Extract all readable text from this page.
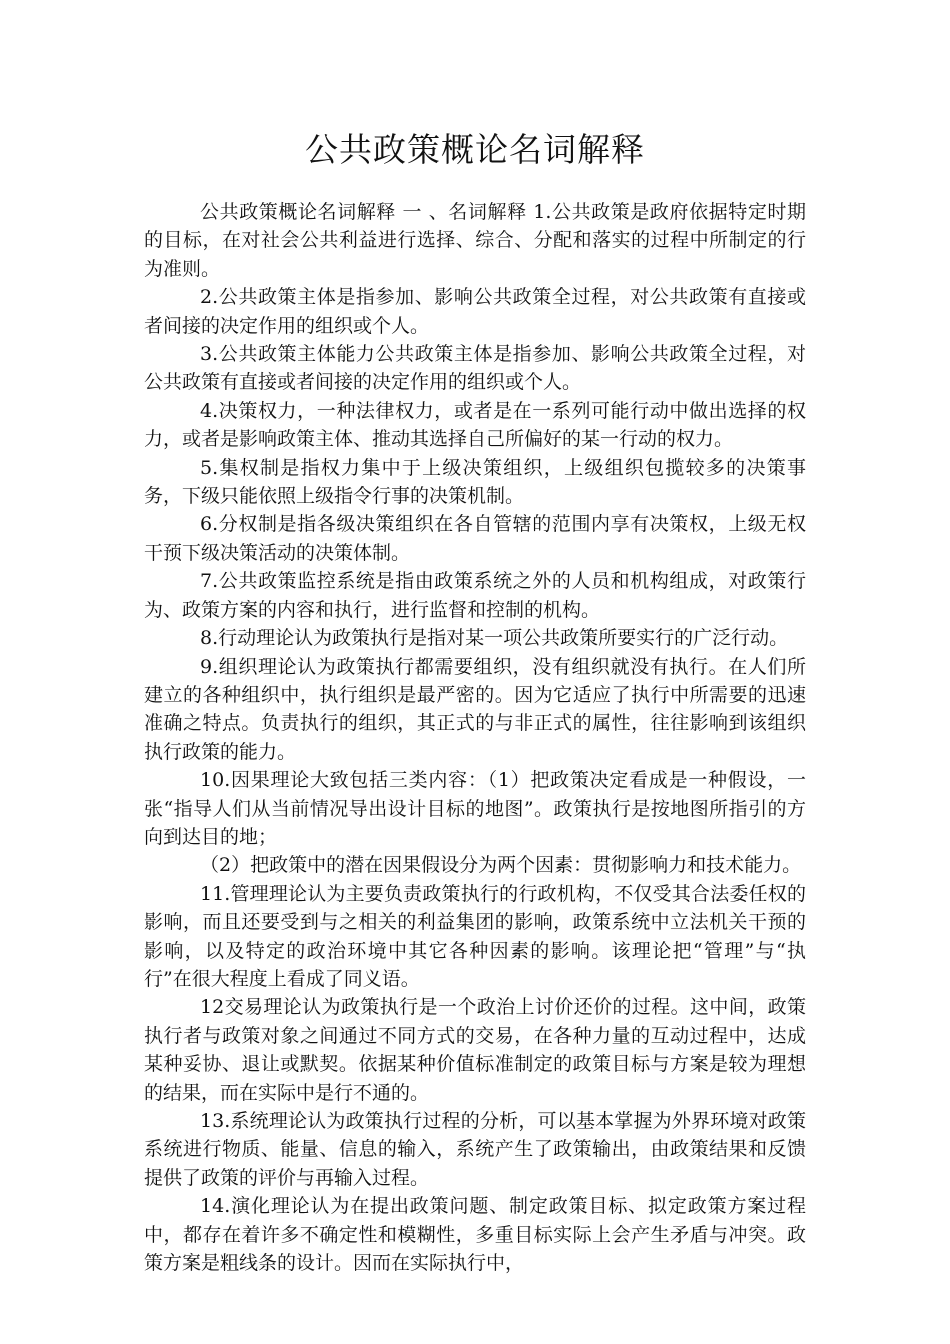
公共政策概论名词解释

公共政策概论名词解释 一 、名词解释 1.公共政策是政府依据特定时期的目标，在对社会公共利益进行选择、综合、分配和落实的过程中所制定的行为准则。

2.公共政策主体是指参加、影响公共政策全过程，对公共政策有直接或者间接的决定作用的组织或个人。

3.公共政策主体能力公共政策主体是指参加、影响公共政策全过程，对公共政策有直接或者间接的决定作用的组织或个人。

4.决策权力，一种法律权力，或者是在一系列可能行动中做出选择的权力，或者是影响政策主体、推动其选择自己所偏好的某一行动的权力。

5.集权制是指权力集中于上级决策组织，上级组织包揽较多的决策事务，下级只能依照上级指令行事的决策机制。

6.分权制是指各级决策组织在各自管辖的范围内享有决策权，上级无权干预下级决策活动的决策体制。

7.公共政策监控系统是指由政策系统之外的人员和机构组成，对政策行为、政策方案的内容和执行，进行监督和控制的机构。

8.行动理论认为政策执行是指对某一项公共政策所要实行的广泛行动。

9.组织理论认为政策执行都需要组织，没有组织就没有执行。在人们所建立的各种组织中，执行组织是最严密的。因为它适应了执行中所需要的迅速准确之特点。负责执行的组织，其正式的与非正式的属性，往往影响到该组织执行政策的能力。

10.因果理论大致包括三类内容：（1）把政策决定看成是一种假设，一张“指导人们从当前情况导出设计目标的地图”。政策执行是按地图所指引的方向到达目的地；

（2）把政策中的潜在因果假设分为两个因素：贯彻影响力和技术能力。

11.管理理论认为主要负责政策执行的行政机构，不仅受其合法委任权的影响，而且还要受到与之相关的利益集团的影响，政策系统中立法机关干预的影响，以及特定的政治环境中其它各种因素的影响。该理论把“管理”与“执行”在很大程度上看成了同义语。

12交易理论认为政策执行是一个政治上讨价还价的过程。这中间，政策执行者与政策对象之间通过不同方式的交易，在各种力量的互动过程中，达成某种妥协、退让或默契。依据某种价值标准制定的政策目标与方案是较为理想的结果，而在实际中是行不通的。

13.系统理论认为政策执行过程的分析，可以基本掌握为外界环境对政策系统进行物质、能量、信息的输入，系统产生了政策输出，由政策结果和反馈提供了政策的评价与再输入过程。

14.演化理论认为在提出政策问题、制定政策目标、拟定政策方案过程中，都存在着许多不确定性和模糊性，多重目标实际上会产生矛盾与冲突。政策方案是粗线条的设计。因而在实际执行中，
